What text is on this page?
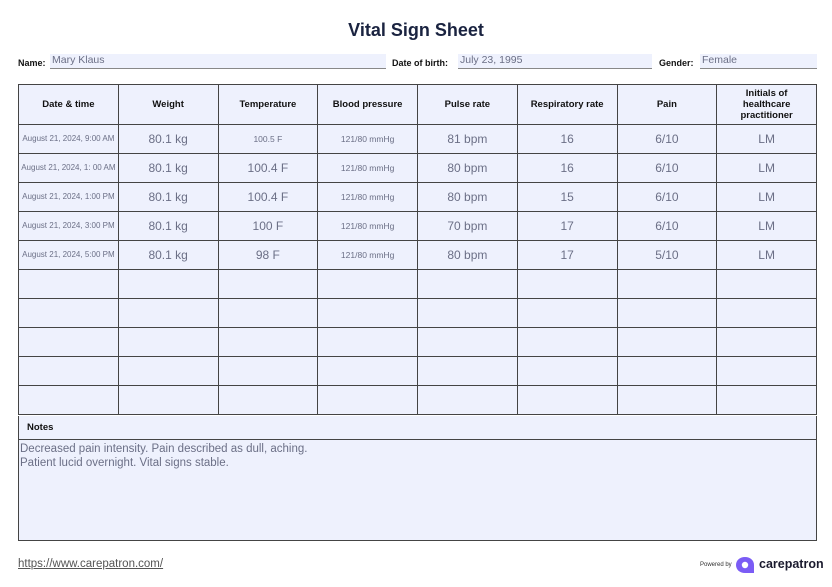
Vital Sign Sheet
Name: Mary Klaus	Date of birth: July 23, 1995	Gender: Female
Date & time	Weight	Temperature	Blood pressure	Pulse rate	Respiratory rate	Pain	Initials of healthcare practitioner
August 21, 2024, 9:00 AM	80.1 kg	100.5 F	121/80 mmHg	81 bpm	16	6/10	LM
August 21, 2024, 1: 00 AM	80.1 kg	100.4 F	121/80 mmHg	80 bpm	16	6/10	LM
August 21, 2024, 1:00 PM	80.1 kg	100.4 F	121/80 mmHg	80 bpm	15	6/10	LM
August 21, 2024, 3:00 PM	80.1 kg	100 F	121/80 mmHg	70 bpm	17	6/10	LM
August 21, 2024, 5:00 PM	80.1 kg	98 F	121/80 mmHg	80 bpm	17	5/10	LM

Notes
Decreased pain intensity. Pain described as dull, aching.
Patient lucid overnight. Vital signs stable.
https://www.carepatron.com/	Powered by carepatron
